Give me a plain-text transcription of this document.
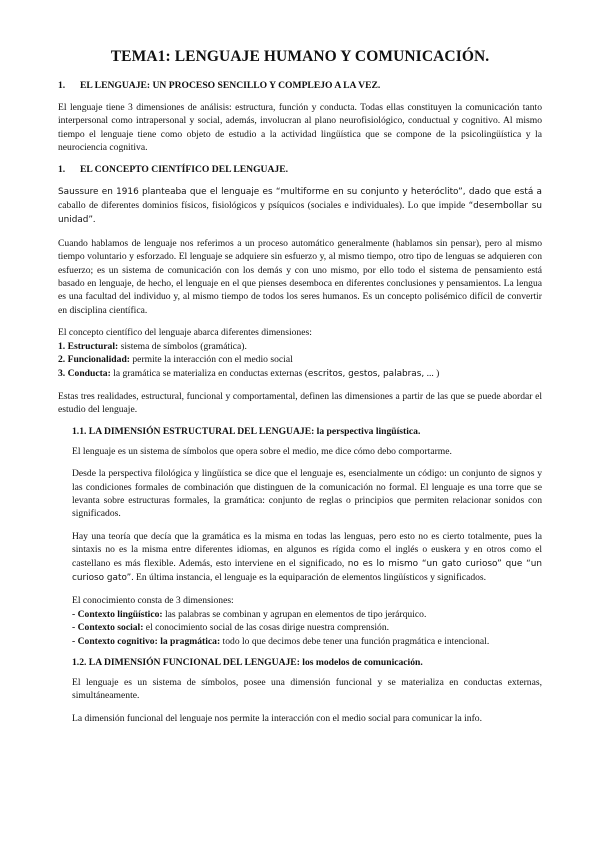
TEMA1: LENGUAJE HUMANO Y COMUNICACIÓN.
1. EL LENGUAJE: UN PROCESO SENCILLO Y COMPLEJO A LA VEZ.

El lenguaje tiene 3 dimensiones de análisis: estructura, función y conducta. Todas ellas constituyen la comunicación tanto interpersonal como intrapersonal y social, además, involucran al plano neurofisiológico, conductual y cognitivo. Al mismo tiempo el lenguaje tiene como objeto de estudio a la actividad lingüística que se compone de la psicolingüística y la neurociencia cognitiva.

1. EL CONCEPTO CIENTÍFICO DEL LENGUAJE.

Saussure en 1916 planteaba que el lenguaje es “multiforme en su conjunto y heteróclito”, dado que está a caballo de diferentes dominios físicos, fisiológicos y psíquicos (sociales e individuales). Lo que impide “desembollar su unidad”.

Cuando hablamos de lenguaje nos referimos a un proceso automático generalmente (hablamos sin pensar), pero al mismo tiempo voluntario y esforzado. El lenguaje se adquiere sin esfuerzo y, al mismo tiempo, otro tipo de lenguas se adquieren con esfuerzo; es un sistema de comunicación con los demás y con uno mismo, por ello todo el sistema de pensamiento está basado en lenguaje, de hecho, el lenguaje en el que pienses desemboca en diferentes conclusiones y pensamientos. La lengua es una facultad del individuo y, al mismo tiempo de todos los seres humanos. Es un concepto polisémico difícil de convertir en disciplina científica.

El concepto científico del lenguaje abarca diferentes dimensiones:
1. Estructural: sistema de símbolos (gramática).
2. Funcionalidad: permite la interacción con el medio social
3. Conducta: la gramática se materializa en conductas externas (escritos, gestos, palabras, ... )

Estas tres realidades, estructural, funcional y comportamental, definen las dimensiones a partir de las que se puede abordar el estudio del lenguaje.

1.1. LA DIMENSIÓN ESTRUCTURAL DEL LENGUAJE: la perspectiva lingüística.

El lenguaje es un sistema de símbolos que opera sobre el medio, me dice cómo debo comportarme.

Desde la perspectiva filológica y lingüística se dice que el lenguaje es, esencialmente un código: un conjunto de signos y las condiciones formales de combinación que distinguen de la comunicación no formal. El lenguaje es una torre que se levanta sobre estructuras formales, la gramática: conjunto de reglas o principios que permiten relacionar sonidos con significados.

Hay una teoría que decía que la gramática es la misma en todas las lenguas, pero esto no es cierto totalmente, pues la sintaxis no es la misma entre diferentes idiomas, en algunos es rígida como el inglés o euskera y en otros como el castellano es más flexible. Además, esto interviene en el significado, no es lo mismo “un gato curioso” que “un curioso gato”. En última instancia, el lenguaje es la equiparación de elementos lingüísticos y significados.

El conocimiento consta de 3 dimensiones:
- Contexto lingüístico: las palabras se combinan y agrupan en elementos de tipo jerárquico.
- Contexto social: el conocimiento social de las cosas dirige nuestra comprensión.
- Contexto cognitivo: la pragmática: todo lo que decimos debe tener una función pragmática e intencional.
1.2. LA DIMENSIÓN FUNCIONAL DEL LENGUAJE: los modelos de comunicación.

El lenguaje es un sistema de símbolos, posee una dimensión funcional y se materializa en conductas externas, simultáneamente.

La dimensión funcional del lenguaje nos permite la interacción con el medio social para comunicar la info.
